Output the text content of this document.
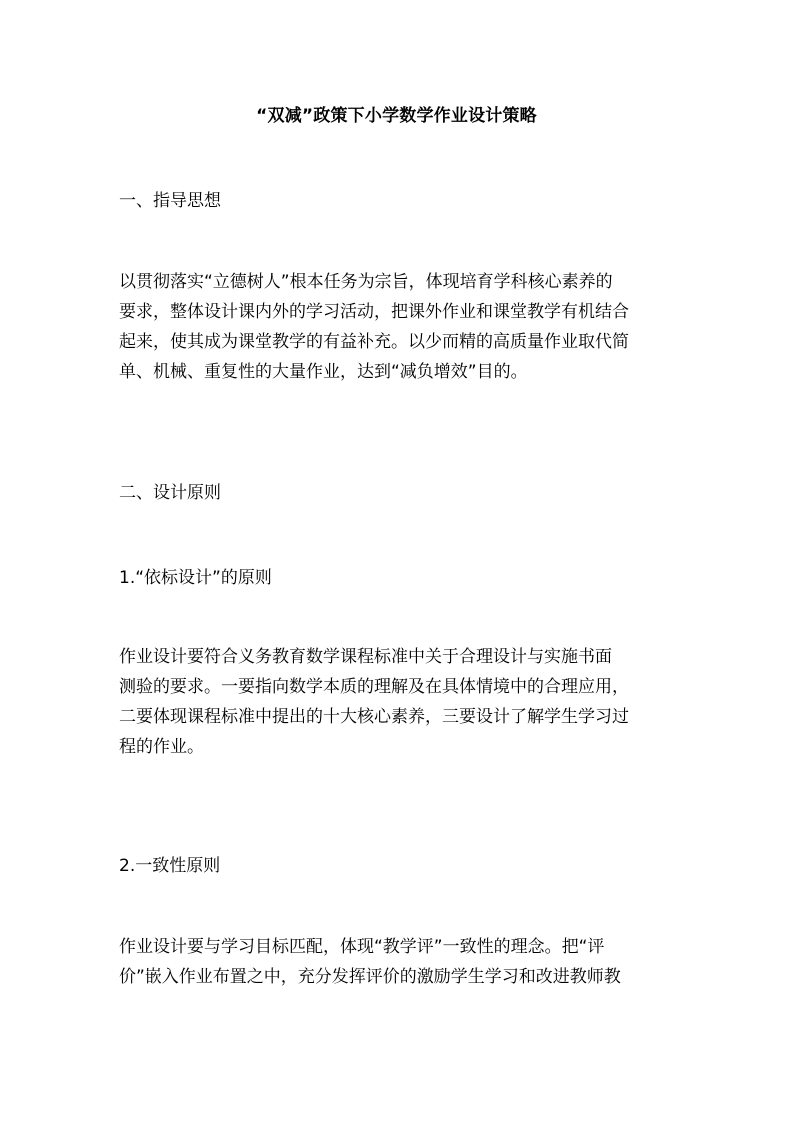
“双减”政策下小学数学作业设计策略
一、指导思想
以贯彻落实“立德树人”根本任务为宗旨，体现培育学科核心素养的
要求，整体设计课内外的学习活动，把课外作业和课堂教学有机结合
起来，使其成为课堂教学的有益补充。以少而精的高质量作业取代简
单、机械、重复性的大量作业，达到“减负增效”目的。
二、设计原则
1.“依标设计”的原则
作业设计要符合义务教育数学课程标准中关于合理设计与实施书面
测验的要求。一要指向数学本质的理解及在具体情境中的合理应用，
二要体现课程标准中提出的十大核心素养，三要设计了解学生学习过
程的作业。
2.一致性原则
作业设计要与学习目标匹配，体现“教学评”一致性的理念。把“评
价”嵌入作业布置之中，充分发挥评价的激励学生学习和改进教师教
